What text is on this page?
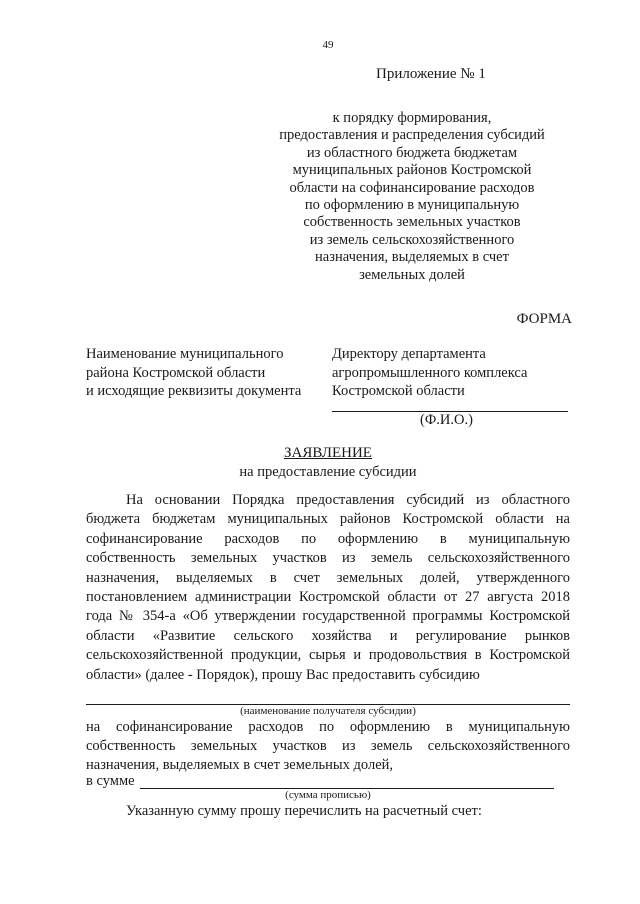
49
Приложение № 1
к порядку формирования,
предоставления и распределения субсидий
из областного бюджета бюджетам
муниципальных районов Костромской
области на софинансирование расходов
по оформлению в муниципальную
собственность земельных участков
из земель сельскохозяйственного
назначения, выделяемых в счет
земельных долей
ФОРМА
Наименование муниципального
района Костромской области
и исходящие реквизиты документа
Директору департамента
агропромышленного комплекса
Костромской области
(Ф.И.О.)
ЗАЯВЛЕНИЕ
на предоставление субсидии
На основании Порядка предоставления субсидий из областного бюджета бюджетам муниципальных районов Костромской области на софинансирование расходов по оформлению в муниципальную собственность земельных участков из земель сельскохозяйственного назначения, выделяемых в счет земельных долей, утвержденного постановлением администрации Костромской области от 27 августа 2018 года № 354-а «Об утверждении государственной программы Костромской области «Развитие сельского хозяйства и регулирование рынков сельскохозяйственной продукции, сырья и продовольствия в Костромской области» (далее - Порядок), прошу Вас предоставить субсидию
(наименование получателя субсидии)
на софинансирование расходов по оформлению в муниципальную собственность земельных участков из земель сельскохозяйственного назначения, выделяемых в счет земельных долей,
в сумме
(сумма прописью)
Указанную сумму прошу перечислить на расчетный счет:
